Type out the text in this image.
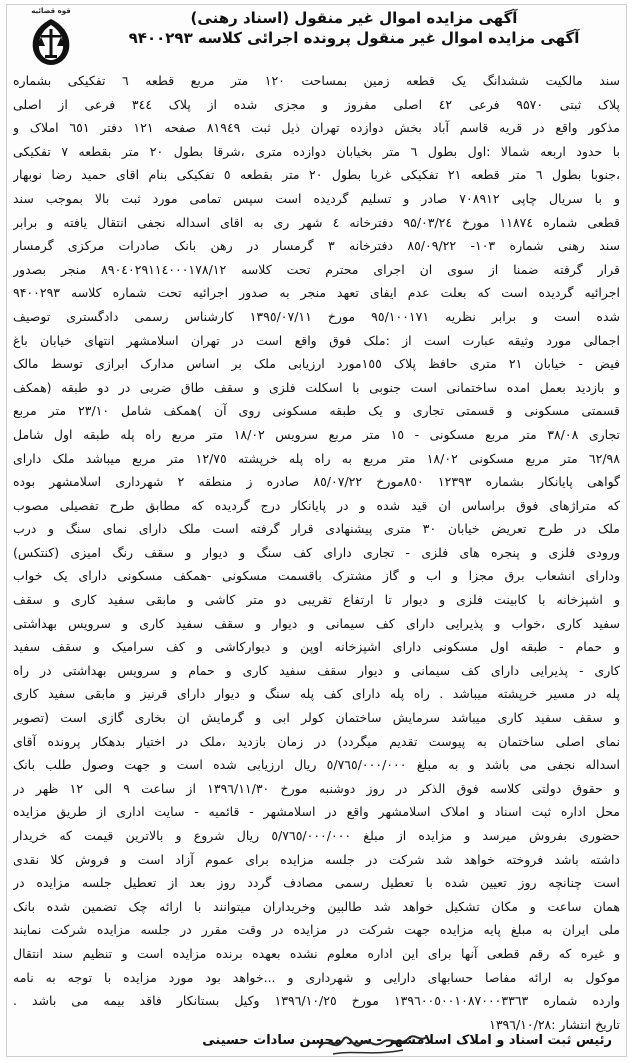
قوه قضائیه	آگهی مزایده اموال غیر منقول (اسناد رهنی)
آگهی مزایده اموال غیر منقول پرونده اجرائی کلاسه ۹۴۰۰۲۹۳
سند مالکیت ششدانگ یک قطعه زمین بمساحت ۱۲۰ متر مربع قطعه ٦ تفکیکی بشماره
پلاک ثبتی ۹۵۷۰ فرعی ٤٢ اصلی مفروز و مجزی شده از پلاک ٣٤٤ فرعی از اصلی
مذکور واقع در قریه قاسم آباد بخش دوازده تهران ذیل ثبت ۸۱۹٤۹ صفحه ۱۲۱ دفتر ٦٥١ املاک و
با حدود اربعه شمالا :اول بطول ٦ متر بخیابان دوازده متری ،شرقا بطول ٢٠ متر بقطعه ٧ تفکیکی
،جنوبا بطول ٦ متر قطعه ۲۱ تفکیکی غربا بطول ٢٠ متر بقطعه ٥ تفکیکی بنام اقای حمید رضا نوبهار
و با سریال چاپی ۷۰۸۹۱۲ صادر و تسلیم گردیده است سپس تمامی مورد ثبت بالا بموجب سند
قطعی شماره ۱۱۸۷٤ مورخ ۹۵/۰۳/۲٤ دفترخانه ٤ شهر ری به اقای اسداله نجفی انتقال یافته و برابر
سند رهنی شماره ۱۰٣- ۸٥/۰۹/۲۲ دفترخانه ٣ گرمسار در رهن بانک صادرات مرکزی گرمسار
قرار گرفته ضمنا از سوی ان اجرای محترم تحت کلاسه ۸۹۰٤۰۲۹۱۱٤۰۰۰۱۷۸/۱۲ منجر بصدور
اجرائیه گردیده است که بعلت عدم ایفای تعهد منجر به صدور اجرائیه تحت شماره کلاسه ۹۴۰۰۲۹۳
شده است و برابر نظریه ۹٥/۱۰۰۱۷۱ مورخ ۱۳۹٥/۰۷/۱۱ کارشناس رسمی دادگستری توصیف
اجمالی مورد وثیقه عبارت است از :ملک فوق واقع است در تهران اسلامشهر انتهای خیابان باغ
فیض - خیابان ۲۱ متری حافظ پلاک ۱٥٥مورد ارزیابی ملک بر اساس مدارک ابرازی توسط مالک
و بازدید بعمل امده ساختمانی است جنوبی با اسکلت فلزی و سقف طاق ضربی در دو طبقه (همکف
قسمتی مسکونی و قسمتی تجاری و یک طبقه مسکونی روی آن )همکف شامل ۲۳/۱۰ متر مربع
تجاری ۳۸/۰۸ متر مربع مسکونی - ۱٥ متر مربع سرویس ۱۸/۰۲ متر مربع راه پله طبقه اول شامل
٦۲/۹۸ متر مربع مسکونی ۱۸/۰۲ متر مربع به راه پله خرپشته ۱۲/۷٥ متر مربع میباشد ملک دارای
گواهی پایانکار بشماره ۱۲۳۹۳ ۸٥٠مورخ ۸٥/۰۷/۲۲ صادره ز منطقه ۲ شهرداری اسلامشهر بوده
که متراژهای فوق براساس ان قید شده و در پایانکار درج گردیده که مطابق طرح تفصیلی مصوب
ملک در طرح تعریض خیابان ۳۰ متری پیشنهادی قرار گرفته است ملک دارای نمای سنگ و درب
ورودی فلزی و پنجره های فلزی - تجاری دارای کف سنگ و دیوار و سقف رنگ امیزی (کنتکس)
ودارای انشعاب برق مجزا و اب و گاز مشترک باقسمت مسکونی -همکف مسکونی دارای یک خواب
و اشپزخانه با کابینت فلزی و دیوار تا ارتفاع تقریبی دو متر کاشی و مابقی سفید کاری و سقف
سفید کاری ،خواب و پذیرایی دارای کف سیمانی و دیوار و سقف سفید کاری و سرویس بهداشتی
و حمام - طبقه اول مسکونی دارای اشپزخانه اوپن و دیوارکاشی و کف سرامیک و سقف سفید
کاری - پذیرایی دارای کف سیمانی و دیوار سقف سفید کاری و حمام و سرویس بهداشتی در راه
پله در مسیر خرپشته میباشد . راه پله دارای کف پله سنگ و دیوار دارای قرنیز و مابقی سفید کاری
و سقف سفید کاری میباشد سرمایش ساختمان کولر ابی و گرمایش ان بخاری گازی است (تصویر
نمای اصلی ساختمان به پیوست تقدیم میگردد) در زمان بازدید ،ملک در اختیار بدهکار پرونده آقای
اسداله نجفی می باشد و به مبلغ ٥/٧٦٥/٠٠٠/٠٠٠ ریال ارزیابی شده است و جهت وصول طلب بانک
و حقوق دولتی کلاسه فوق الذکر در روز دوشنبه مورخ ۱۳۹٦/۱۱/۳۰ از ساعت ۹ الی ۱۲ ظهر در
محل اداره ثبت اسناد و املاک اسلامشهر واقع در اسلامشهر - قائمیه - سایت اداری از طریق مزایده
حضوری بفروش میرسد و مزایده از مبلغ ٥/٧٦٥/٠٠٠/٠٠٠ ریال شروع و بالاترین قیمت که خریدار
داشته باشد فروخته خواهد شد شرکت در جلسه مزایده برای عموم آزاد است و فروش کلا نقدی
است چنانچه روز تعیین شده با تعطیل رسمی مصادف گردد روز بعد از تعطیل جلسه مزایده در
همان ساعت و مکان تشکیل خواهد شد طالبین وخریداران میتوانند با ارائه چک تضمین شده بانک
ملی ایران به مبلغ پایه مزایده جهت شرکت در مزایده در وقت مقرر در جلسه مزایده شرکت نمایند
و غیره که رقم قطعی آنها برای این اداره معلوم نشده بعهده برنده مزایده است و تنظیم سند انتقال
موکول به ارائه مفاصا حسابهای دارایی و شهرداری و ...خواهد بود مورد مزایده با توجه به نامه
وارده شماره ۱۳۹٦۰۰٥۰۰۱۰۸۷۰۰۰۳۳٦۳ مورخ ۱۳۹٦/۱۰/۲٥ وکیل بستانکار فاقد بیمه می باشد .
تاریخ انتشار :۱۳۹٦/۱۰/۲۸
رئیس ثبت اسناد و املاک اسلامشهر - سید محسن سادات حسینی
